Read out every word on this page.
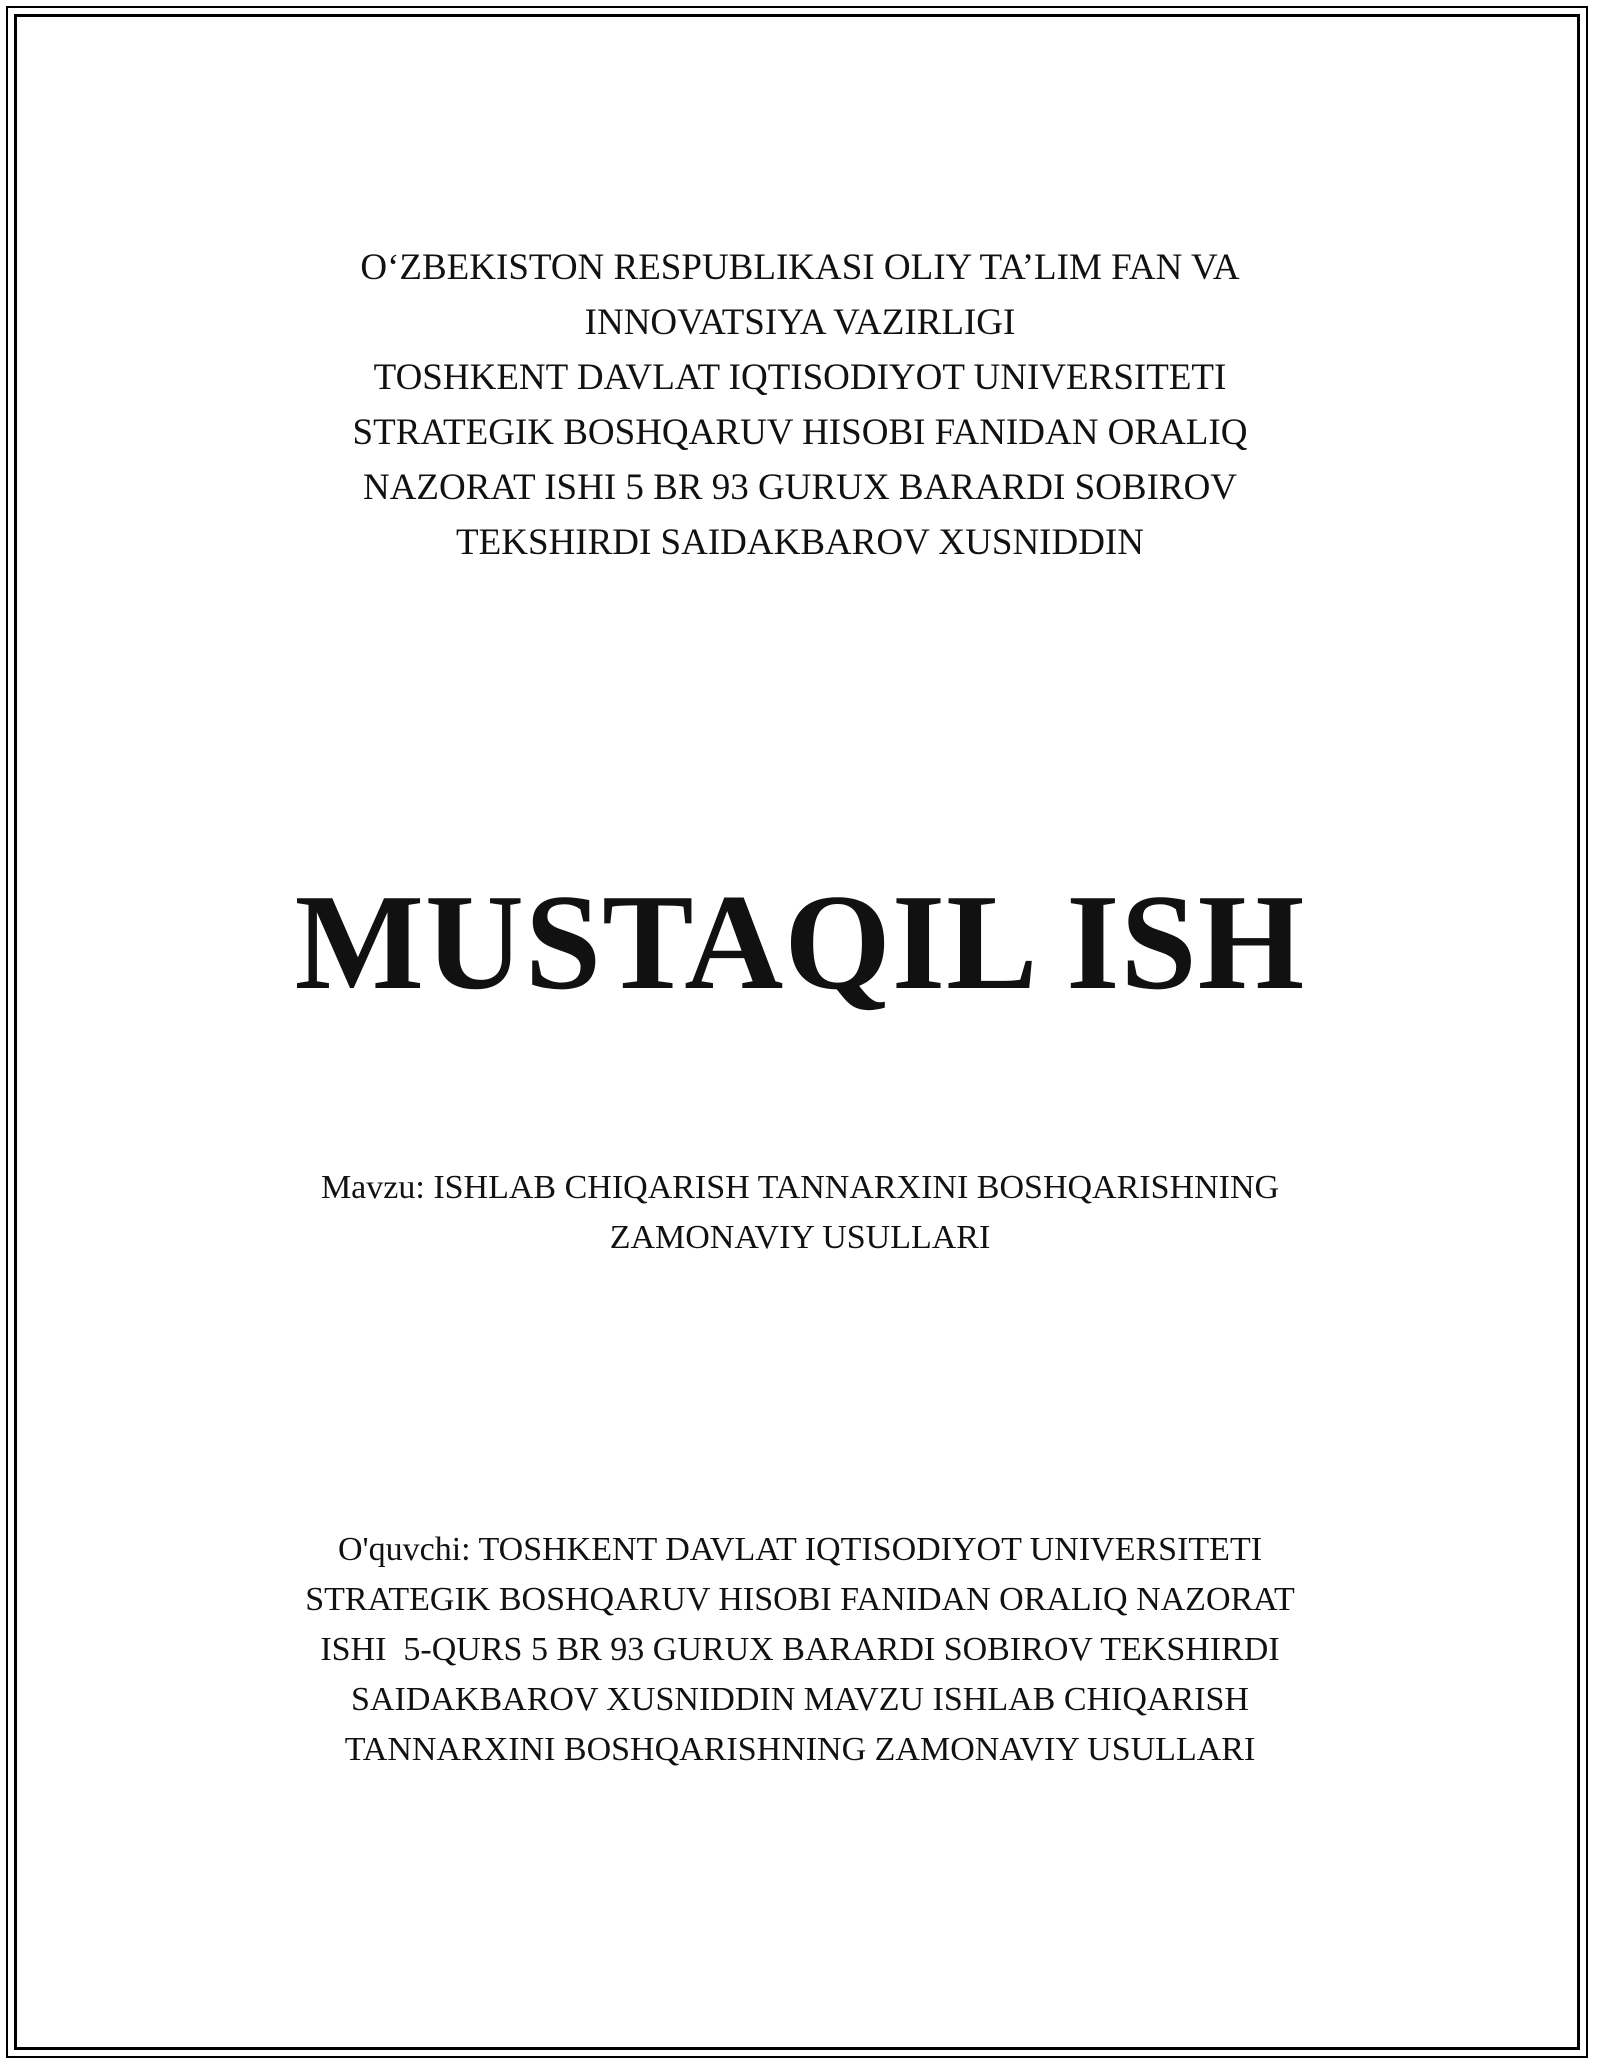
O‘ZBEKISTON RESPUBLIKASI OLIY TA’LIM FAN VA
INNOVATSIYA VAZIRLIGI
TOSHKENT DAVLAT IQTISODIYOT UNIVERSITETI
STRATEGIK BOSHQARUV HISOBI FANIDAN ORALIQ
NAZORAT ISHI 5 BR 93 GURUX BARARDI SOBIROV
TEKSHIRDI SAIDAKBAROV XUSNIDDIN
MUSTAQIL ISH
Mavzu: ISHLAB CHIQARISH TANNARXINI BOSHQARISHNING
ZAMONAVIY USULLARI
O'quvchi: TOSHKENT DAVLAT IQTISODIYOT UNIVERSITETI
STRATEGIK BOSHQARUV HISOBI FANIDAN ORALIQ NAZORAT
ISHI  5-QURS 5 BR 93 GURUX BARARDI SOBIROV TEKSHIRDI
SAIDAKBAROV XUSNIDDIN MAVZU ISHLAB CHIQARISH
TANNARXINI BOSHQARISHNING ZAMONAVIY USULLARI
